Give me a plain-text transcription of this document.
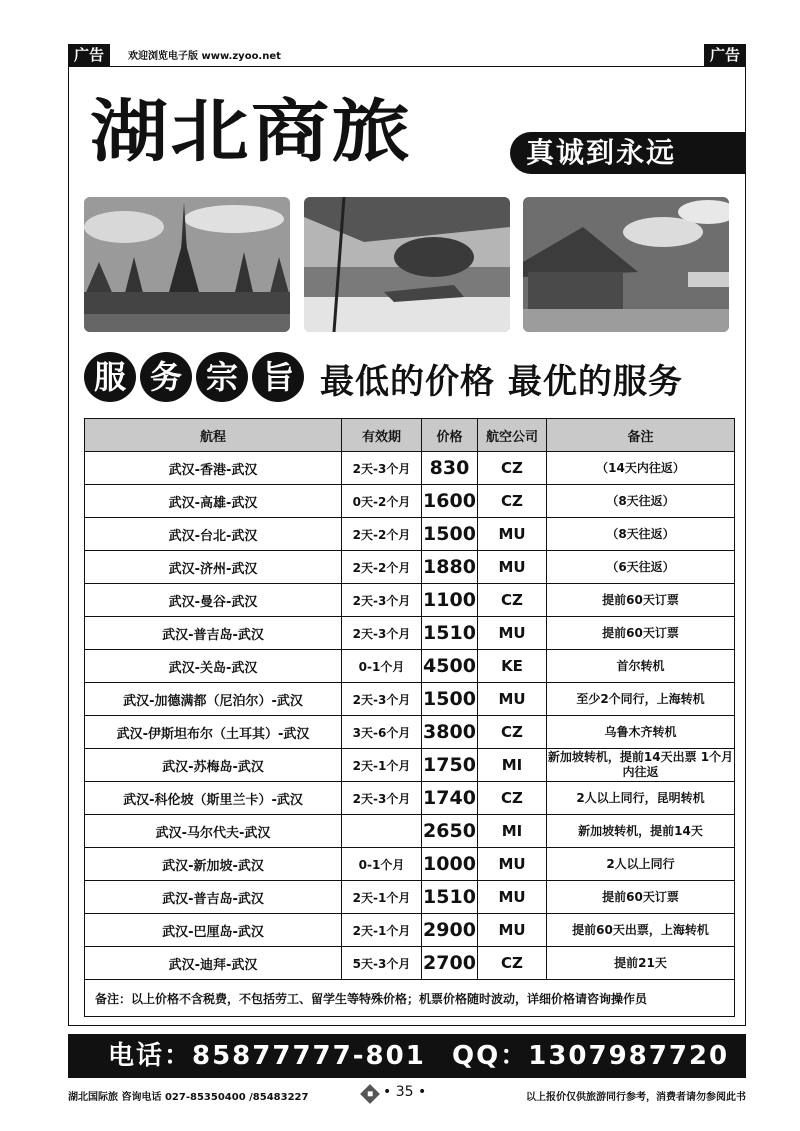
广告	欢迎浏览电子版 www.zyoo.net	广告
湖北商旅	真诚到永远
服 务 宗 旨 最低的价格 最优的服务
航程	有效期	价格	航空公司	备注
武汉-香港-武汉	2天-3个月	830	CZ	（14天内往返）
武汉-高雄-武汉	0天-2个月	1600	CZ	（8天往返）
武汉-台北-武汉	2天-2个月	1500	MU	（8天往返）
武汉-济州-武汉	2天-2个月	1880	MU	（6天往返）
武汉-曼谷-武汉	2天-3个月	1100	CZ	提前60天订票
武汉-普吉岛-武汉	2天-3个月	1510	MU	提前60天订票
武汉-关岛-武汉	0-1个月	4500	KE	首尔转机
武汉-加德满都（尼泊尔）-武汉	2天-3个月	1500	MU	至少2个同行，上海转机
武汉-伊斯坦布尔（土耳其）-武汉	3天-6个月	3800	CZ	乌鲁木齐转机
武汉-苏梅岛-武汉	2天-1个月	1750	MI	新加坡转机，提前14天出票 1个月内往返
武汉-科伦坡（斯里兰卡）-武汉	2天-3个月	1740	CZ	2人以上同行，昆明转机
武汉-马尔代夫-武汉		2650	MI	新加坡转机，提前14天
武汉-新加坡-武汉	0-1个月	1000	MU	2人以上同行
武汉-普吉岛-武汉	2天-1个月	1510	MU	提前60天订票
武汉-巴厘岛-武汉	2天-1个月	2900	MU	提前60天出票，上海转机
武汉-迪拜-武汉	5天-3个月	2700	CZ	提前21天
备注：以上价格不含税费，不包括劳工、留学生等特殊价格；机票价格随时波动，详细价格请咨询操作员				
电话：85877777-801 QQ：1307987720
湖北国际旅 咨询电话 027-85350400 /85483227	◆ • 35 •	以上报价仅供旅游同行参考，消费者请勿参阅此书
